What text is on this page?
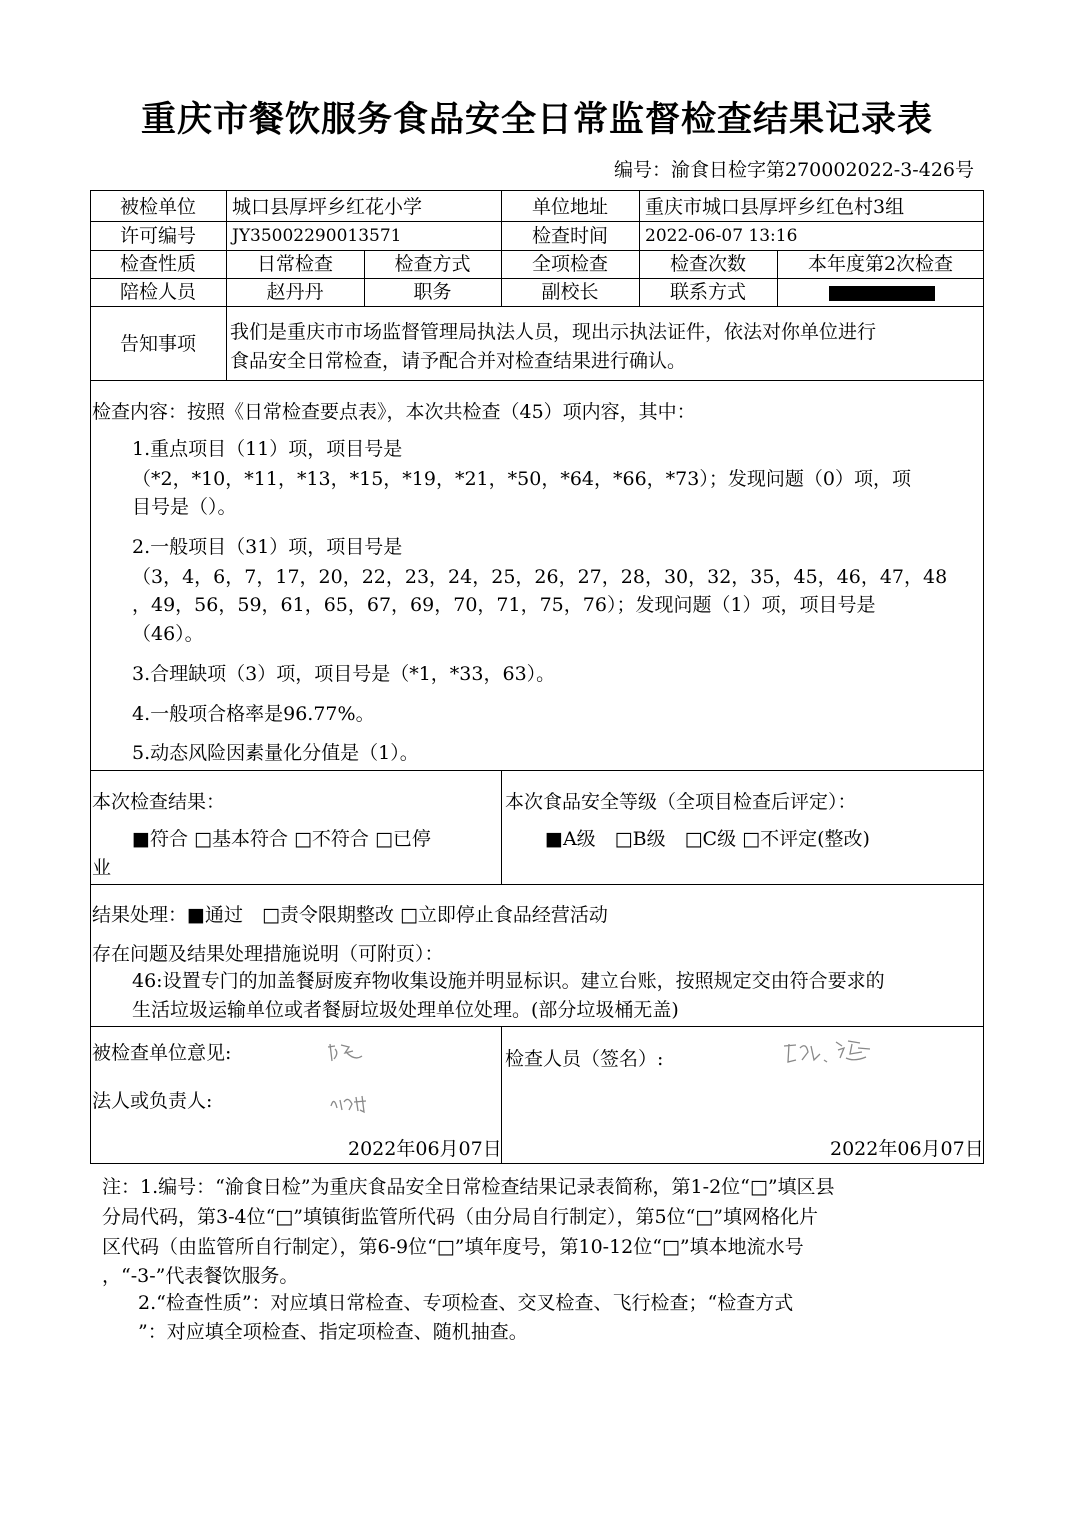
重庆市餐饮服务食品安全日常监督检查结果记录表
编号：渝食日检字第270002022-3-426号
被检单位	城口县厚坪乡红花小学	单位地址	重庆市城口县厚坪乡红色村3组
许可编号	JY35002290013571	检查时间	2022-06-07 13:16
检查性质	日常检查	检查方式	全项检查	检查次数	本年度第2次检查
陪检人员	赵丹丹	职务	副校长	联系方式
告知事项
我们是重庆市市场监督管理局执法人员，现出示执法证件，依法对你单位进行
食品安全日常检查，请予配合并对检查结果进行确认。
检查内容：按照《日常检查要点表》，本次共检查（45）项内容，其中：
1.重点项目（11）项，项目号是
（*2，*10，*11，*13，*15，*19，*21，*50，*64，*66，*73）；发现问题（0）项，项
目号是（）。
2.一般项目（31）项，项目号是
（3，4，6，7，17，20，22，23，24，25，26，27，28，30，32，35，45，46，47，48
，49，56，59，61，65，67，69，70，71，75，76）；发现问题（1）项，项目号是
（46）。
3.合理缺项（3）项，项目号是（*1，*33，63）。
4.一般项合格率是96.77%。
5.动态风险因素量化分值是（1）。
本次检查结果：
■符合 □基本符合 □不符合 □已停
业
本次食品安全等级（全项目检查后评定）：
■A级　□B级　□C级 □不评定(整改)
结果处理：■通过　□责令限期整改 □立即停止食品经营活动
存在问题及结果处理措施说明（可附页）：
46:设置专门的加盖餐厨废弃物收集设施并明显标识。建立台账，按照规定交由符合要求的
生活垃圾运输单位或者餐厨垃圾处理单位处理。(部分垃圾桶无盖)
被检查单位意见:
法人或负责人:
2022年06月07日
检查人员（签名）:
2022年06月07日
注：1.编号：“渝食日检”为重庆食品安全日常检查结果记录表简称，第1-2位“□”填区县
分局代码，第3-4位“□”填镇街监管所代码（由分局自行制定），第5位“□”填网格化片
区代码（由监管所自行制定），第6-9位“□”填年度号，第10-12位“□”填本地流水号
，“-3-”代表餐饮服务。
2.“检查性质”：对应填日常检查、专项检查、交叉检查、飞行检查；“检查方式
”：对应填全项检查、指定项检查、随机抽查。
